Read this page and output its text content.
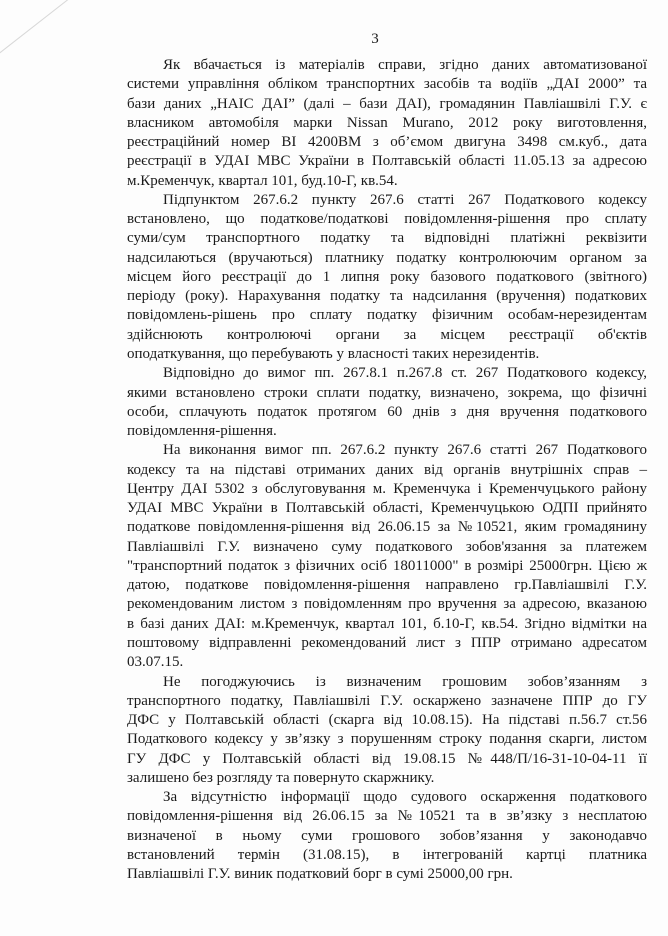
3
Як вбачається із матеріалів справи, згідно даних автоматизованої
системи управління обліком транспортних засобів та водіїв „ДАІ 2000” та
бази даних „НАІС ДАІ” (далі – бази ДАІ), громадянин Павліашвілі Г.У. є
власником автомобіля марки Nissan Murano, 2012 року виготовлення,
реєстраційний номер ВІ 4200ВМ з об’ємом двигуна 3498 см.куб., дата
реєстрації в УДАІ МВС України в Полтавській області 11.05.13 за адресою
м.Кременчук, квартал 101, буд.10-Г, кв.54.
Підпунктом 267.6.2 пункту 267.6 статті 267 Податкового кодексу
встановлено, що податкове/податкові повідомлення-рішення про сплату
суми/сум транспортного податку та відповідні платіжні реквізити
надсилаються (вручаються) платнику податку контролюючим органом за
місцем його реєстрації до 1 липня року базового податкового (звітного)
періоду (року). Нарахування податку та надсилання (вручення) податкових
повідомлень-рішень про сплату податку фізичним особам-нерезидентам
здійснюють контролюючі органи за місцем реєстрації об'єктів
оподаткування, що перебувають у власності таких нерезидентів.
Відповідно до вимог пп. 267.8.1 п.267.8 ст. 267 Податкового кодексу,
якими встановлено строки сплати податку, визначено, зокрема, що фізичні
особи, сплачують податок протягом 60 днів з дня вручення податкового
повідомлення-рішення.
На виконання вимог пп. 267.6.2 пункту 267.6 статті 267 Податкового
кодексу та на підставі отриманих даних від органів внутрішніх справ –
Центру ДАІ 5302 з обслуговування м. Кременчука і Кременчуцького району
УДАІ МВС України в Полтавській області, Кременчуцькою ОДПІ прийнято
податкове повідомлення-рішення від 26.06.15 за №10521, яким громадянину
Павліашвілі Г.У. визначено суму податкового зобов'язання за платежем
"транспортний податок з фізичних осіб 18011000" в розмірі 25000грн. Цією ж
датою, податкове повідомлення-рішення направлено гр.Павліашвілі Г.У.
рекомендованим листом з повідомленням про вручення за адресою, вказаною
в базі даних ДАІ: м.Кременчук, квартал 101, б.10-Г, кв.54. Згідно відмітки на
поштовому відправленні рекомендований лист з ППР отримано адресатом
03.07.15.
Не погоджуючись із визначеним грошовим зобов’язанням з
транспортного податку, Павліашвілі Г.У. оскаржено зазначене ППР до ГУ
ДФС у Полтавській області (скарга від 10.08.15). На підставі п.56.7 ст.56
Податкового кодексу у зв’язку з порушенням строку подання скарги, листом
ГУ ДФС у Полтавській області від 19.08.15 №448/П/16-31-10-04-11 її
залишено без розгляду та повернуто скаржнику.
За відсутністю інформації щодо судового оскарження податкового
повідомлення-рішення від 26.06.15 за №10521 та в зв’язку з несплатою
визначеної в ньому суми грошового зобов’язання у законодавчо
встановлений термін (31.08.15), в інтегрованій картці платника
Павліашвілі Г.У. виник податковий борг в сумі 25000,00 грн.
